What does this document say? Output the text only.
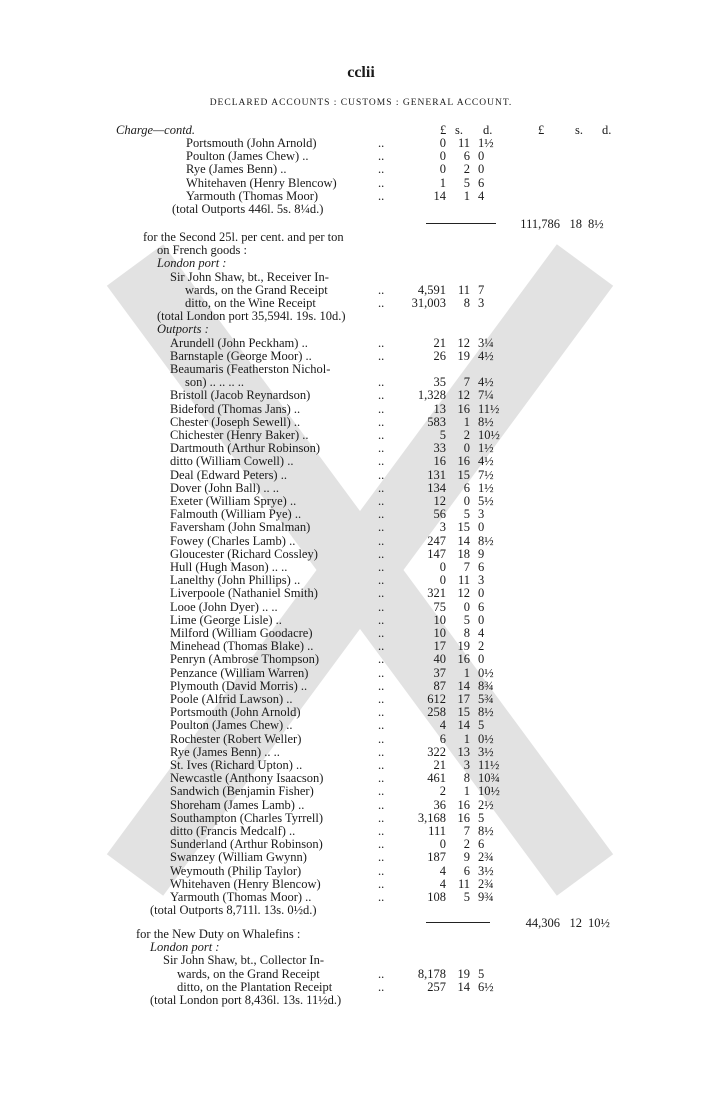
cclii
DECLARED ACCOUNTS : CUSTOMS : GENERAL ACCOUNT.
£ s. d.	£ s. d.
Charge—contd.
Portsmouth (John Arnold)	..	0 11 1½
Poulton (James Chew) ..	..	0	6 0
Rye (James Benn) ..	..	0	2 0
Whitehaven (Henry Blencow)	..	1	5 6
Yarmouth (Thomas Moor)	..	14	1 4
(total Outports 446l. 5s. 8¼d.)
111,786 18 8½
for the Second 25l. per cent. and per ton
on French goods :
London port :
Sir John Shaw, bt., Receiver In-
wards, on the Grand Receipt	..	4,591 11 7
ditto, on the Wine Receipt	..	31,003	8 3
(total London port 35,594l. 19s. 10d.)
Outports :
Arundell (John Peckham) ..	..	21 12 3¼
Barnstaple (George Moor) ..	..	26 19 4½
Beaumaris (Featherston Nichol-
son) .. .. .. ..	..	35	7 4½
Bristoll (Jacob Reynardson)	..	1,328 12 7¼
Bideford (Thomas Jans) ..	..	13 16 11½
Chester (Joseph Sewell) ..	..	583	1 8½
Chichester (Henry Baker) ..	..	5	2 10½
Dartmouth (Arthur Robinson)	..	33	0 1½
ditto (William Cowell) ..	..	16 16 4½
Deal (Edward Peters) ..	..	131 15 7½
Dover (John Ball) .. ..	..	134	6 1½
Exeter (William Sprye) ..	..	12	0 5½
Falmouth (William Pye) ..	..	56	5 3
Faversham (John Smalman)	..	3 15 0
Fowey (Charles Lamb) ..	..	247 14 8½
Gloucester (Richard Cossley)	..	147 18 9
Hull (Hugh Mason) .. ..	..	0	7 6
Lanelthy (John Phillips) ..	..	0 11 3
Liverpoole (Nathaniel Smith)	..	321 12 0
Looe (John Dyer) .. ..	..	75	0 6
Lime (George Lisle) ..	..	10	5 0
Milford (William Goodacre)	..	10	8 4
Minehead (Thomas Blake) ..	..	17 19 2
Penryn (Ambrose Thompson)	..	40 16 0
Penzance (William Warren)	..	37	1 0½
Plymouth (David Morris) ..	..	87 14 8¾
Poole (Alfrid Lawson) ..	..	612 17 5¾
Portsmouth (John Arnold)	..	258 15 8½
Poulton (James Chew) ..	..	4 14 5
Rochester (Robert Weller)	..	6	1 0½
Rye (James Benn) .. ..	..	322 13 3½
St. Ives (Richard Upton) ..	..	21	3 11½
Newcastle (Anthony Isaacson)	..	461	8 10¾
Sandwich (Benjamin Fisher)	..	2	1 10½
Shoreham (James Lamb) ..	..	36 16 2½
Southampton (Charles Tyrrell)	..	3,168 16 5
ditto (Francis Medcalf) ..	..	111	7 8½
Sunderland (Arthur Robinson)	..	0	2 6
Swanzey (William Gwynn)	..	187	9 2¾
Weymouth (Philip Taylor)	..	4	6 3½
Whitehaven (Henry Blencow)	..	4 11 2¾
Yarmouth (Thomas Moor) ..	..	108	5 9¾
(total Outports 8,711l. 13s. 0½d.)
44,306 12 10½
for the New Duty on Whalefins :
London port :
Sir John Shaw, bt., Collector In-
wards, on the Grand Receipt	..	8,178 19 5
ditto, on the Plantation Receipt	..	257 14 6½
(total London port 8,436l. 13s. 11½d.)
